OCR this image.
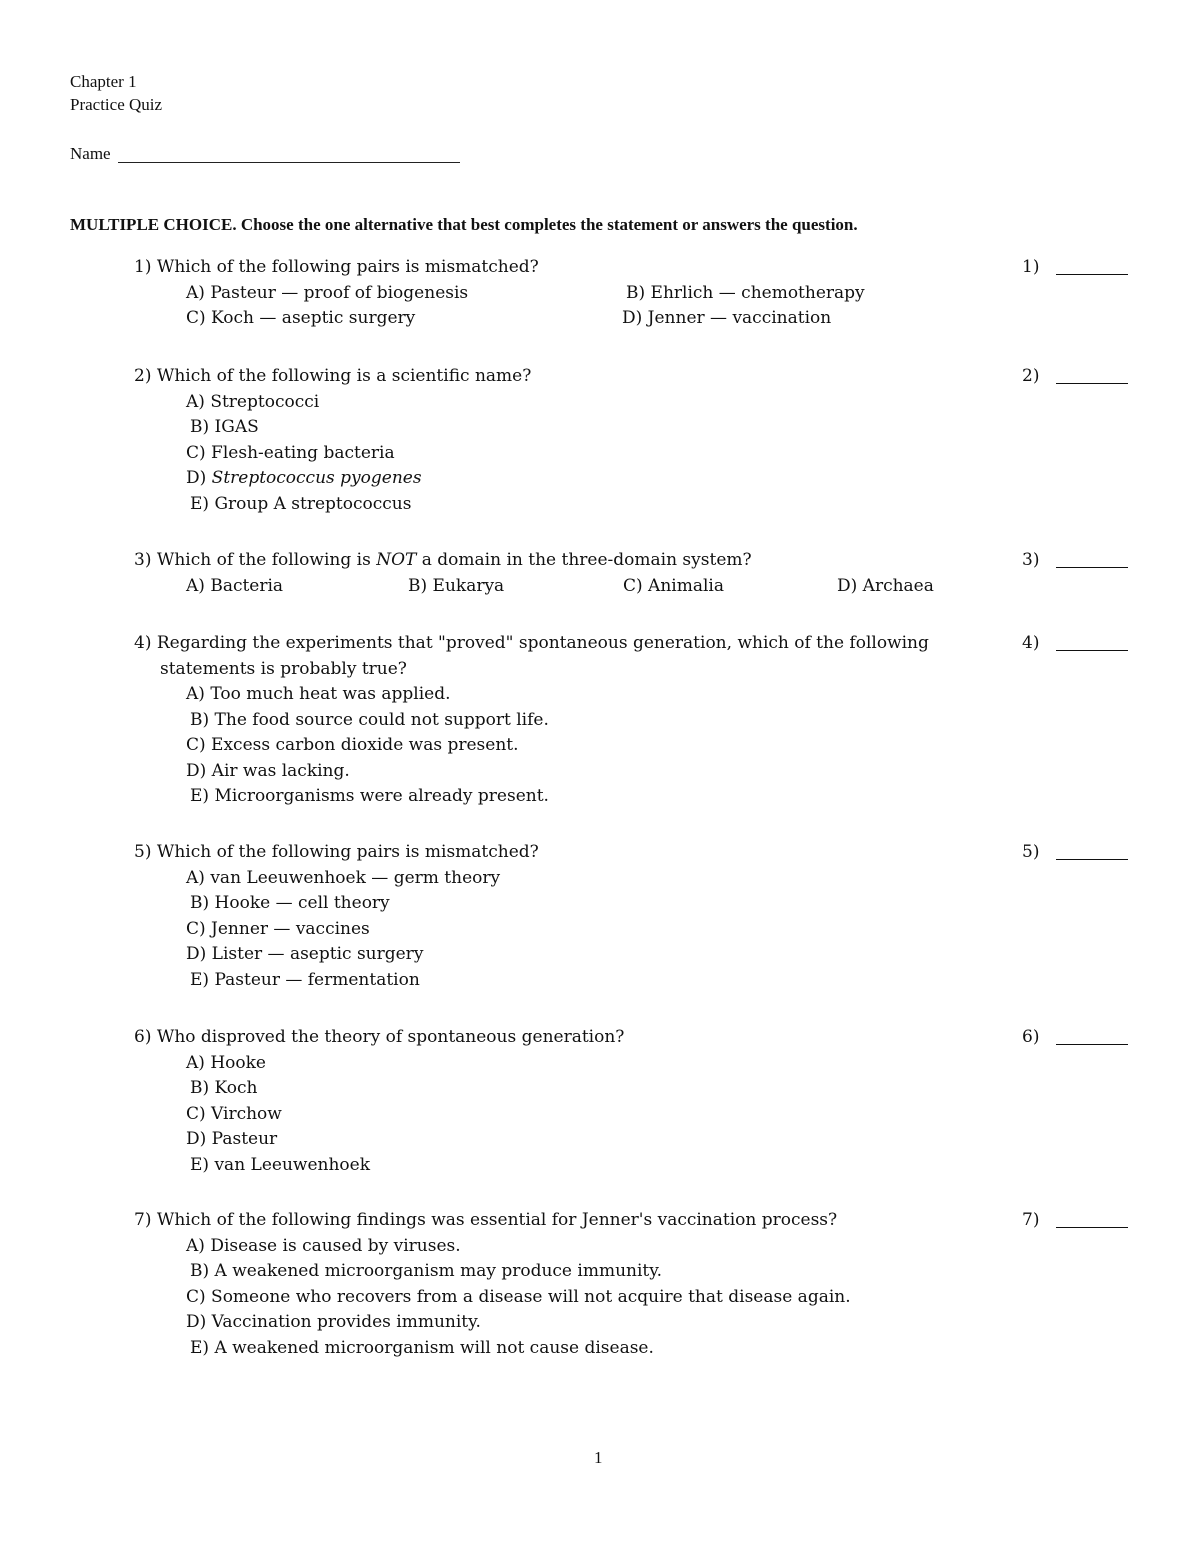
Chapter 1
Practice Quiz
Name
MULTIPLE CHOICE. Choose the one alternative that best completes the statement or answers the question.
1) Which of the following pairs is mismatched?	1)
A) Pasteur — proof of biogenesis	B) Ehrlich — chemotherapy
C) Koch — aseptic surgery	D) Jenner — vaccination
2) Which of the following is a scientific name?	2)
A) Streptococci
B) IGAS
C) Flesh-eating bacteria
D) Streptococcus pyogenes
E) Group A streptococcus
3) Which of the following is NOT a domain in the three-domain system?	3)
A) Bacteria	B) Eukarya	C) Animalia	D) Archaea
4) Regarding the experiments that "proved" spontaneous generation, which of the following
statements is probably true?
4)
A) Too much heat was applied.
B) The food source could not support life.
C) Excess carbon dioxide was present.
D) Air was lacking.
E) Microorganisms were already present.
5) Which of the following pairs is mismatched?	5)
A) van Leeuwenhoek — germ theory
B) Hooke — cell theory
C) Jenner — vaccines
D) Lister — aseptic surgery
E) Pasteur — fermentation
6) Who disproved the theory of spontaneous generation?	6)
A) Hooke
B) Koch
C) Virchow
D) Pasteur
E) van Leeuwenhoek
7) Which of the following findings was essential for Jenner's vaccination process?	7)
A) Disease is caused by viruses.
B) A weakened microorganism may produce immunity.
C) Someone who recovers from a disease will not acquire that disease again.
D) Vaccination provides immunity.
E) A weakened microorganism will not cause disease.
1
